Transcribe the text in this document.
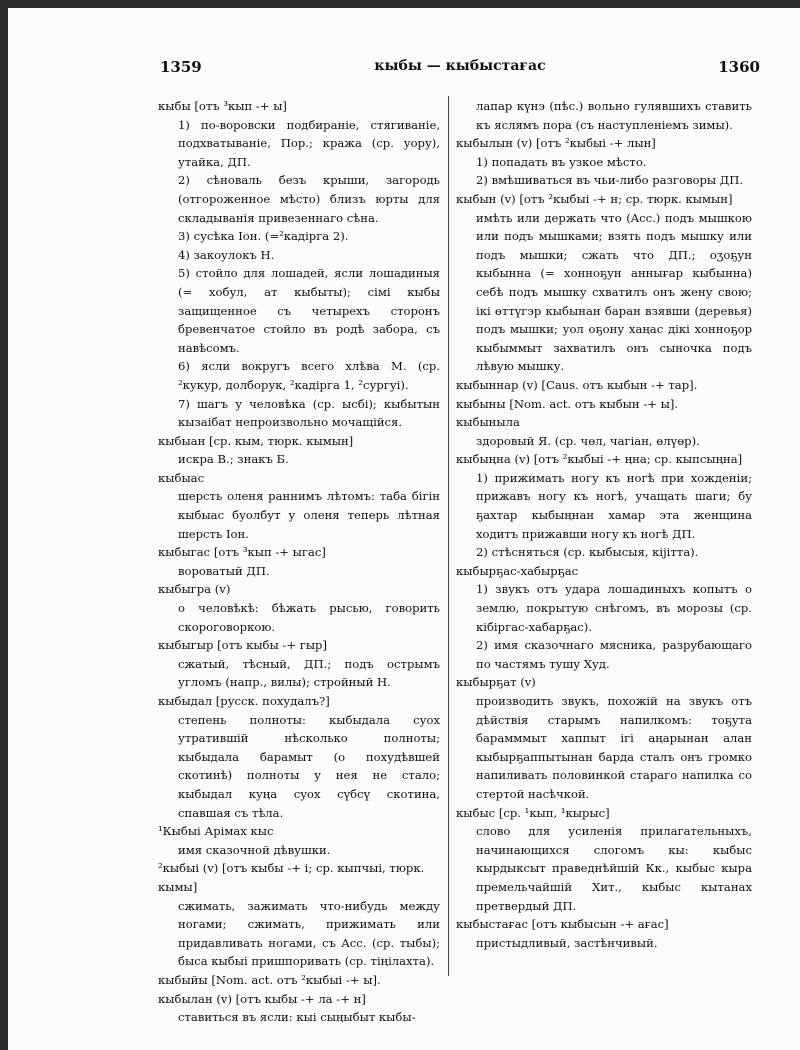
1359	кыбы — кыбыстағас	1360

кыбы [отъ ³кып -+ ы]

1) по-воровски подбираніе, стягиваніе, подхватываніе, Пор.; кража (ср. уору), утайка, ДП.

2) сѣноваль безъ крыши, загородь (отгороженное мѣсто) близъ юрты для складыванія привезеннаго сѣна.

3) сусѣка Іон. (=²кадірга 2).

4) закоулокъ Н.

5) стойло для лошадей, ясли лошадиныя (= хобул, ат кыбыты); сімі кыбы защищенное съ четырехъ сторонъ бревенчатое стойло въ родѣ забора, съ навѣсомъ.

6) ясли вокругъ всего хлѣва М. (ср. ²кукур, долборук, ²кадірга 1, ²сургуі).

7) шагъ у человѣка (ср. ысбі); кыбытын кызаібат непроизвольно мочащійся.

кыбыан [ср. кым, тюрк. кымын]

искра В.; знакъ Б.

кыбыас

шерсть оленя раннимъ лѣтомъ: таба бігін кыбыас буолбут у оленя теперь лѣтная шерсть Іон.

кыбыгас [отъ ³кып -+ ыгас]

вороватый ДП.

кыбыгра (v)

о человѣкѣ: бѣжать рысью, говорить скороговоркою.

кыбыгыр [отъ кыбы -+ гыр]

сжатый, тѣсный, ДП.; подъ острымъ угломъ (напр., вилы); стройный Н.

кыбыдал [русск. похудалъ?]

степень полноты: кыбыдала суох утратившій нѣсколько полноты; кыбыдала барамыт (о похудѣвшей скотинѣ) полноты у нея не стало; кыбыдал куңа суох сүбсү скотина, спавшая съ тѣла.

¹Кыбыі Арімах кыс

имя сказочной дѣвушки.

²кыбыі (v) [отъ кыбы -+ і; ср. кыпчыі, тюрк. кымы]

сжимать, зажимать что-нибудь между ногами; сжимать, прижимать или придавливать ногами, съ Acc. (ср. тыбы); быса кыбыі пришпоривать (ср. тіңілахта).

кыбыйы [Nom. act. отъ ²кыбыі -+ ы].

кыбылан (v) [отъ кыбы -+ ла -+ н]

ставиться въ ясли: кыі сыңыбыт кыбы-

лапар күнэ (пѣс.) вольно гулявшихъ ставить къ яслямъ пора (съ наступленіемъ зимы).

кыбылын (v) [отъ ²кыбыі -+ лын]

1) попадать въ узкое мѣсто.

2) вмѣшиваться въ чьи-либо разговоры ДП.

кыбын (v) [отъ ²кыбыі -+ н; ср. тюрк. кымын]

имѣть или держать что (Acc.) подъ мышкою или подъ мышками; взять подъ мышку или подъ мышки; сжать что ДП.; оӡоҕун кыбынна (= хонноҕун аннығар кыбынна) себѣ подъ мышку схватилъ онъ жену свою; ікі өттүгэр кыбынан баран взявши (деревья) подъ мышки; уол оҕону хаңас дікі хонноҕор кыбыммыт захватилъ онъ сыночка подъ лѣвую мышку.

кыбыннар (v) [Caus. отъ кыбын -+ тар].

кыбыны [Nom. act. отъ кыбын -+ ы].

кыбыныла

здоровый Я. (ср. чөл, чагіан, өлүөр).

кыбыңна (v) [отъ ²кыбыі -+ ңна; ср. кыпсыңна]

1) прижимать ногу къ ногѣ при хожденіи; прижавъ ногу къ ногѣ, учащать шаги; бу ҕахтар кыбыңнан хамар эта женщина ходитъ прижавши ногу къ ногѣ ДП.

2) стѣсняться (ср. кыбысыя, кіјітта).

кыбырҕас-хабырҕас

1) звукъ отъ удара лошадиныхъ копытъ о землю, покрытую снѣгомъ, въ морозы (ср. кібіргас-хабарҕас).

2) имя сказочнаго мясника, разрубающаго по частямъ тушу Худ.

кыбырҕат (v)

производить звукъ, похожій на звукъ отъ дѣйствія старымъ напилкомъ: тоҕута барамммыт хаппыт ігі аңарынан алан кыбырҕаппытынан барда сталъ онъ громко напиливать половинкой стараго напилка со стертой насѣчкой.

кыбыс [ср. ¹кып, ¹кырыс]

слово для усиленія прилагательныхъ, начинающихся слогомъ кы: кыбыс кырдыксыт праведнѣйшій Кк., кыбыс кыра премельчайшій Хит., кыбыс кытанах претвердый ДП.

кыбыстағас [отъ кыбысын -+ ағас]

пристыдливый, застѣнчивый.
